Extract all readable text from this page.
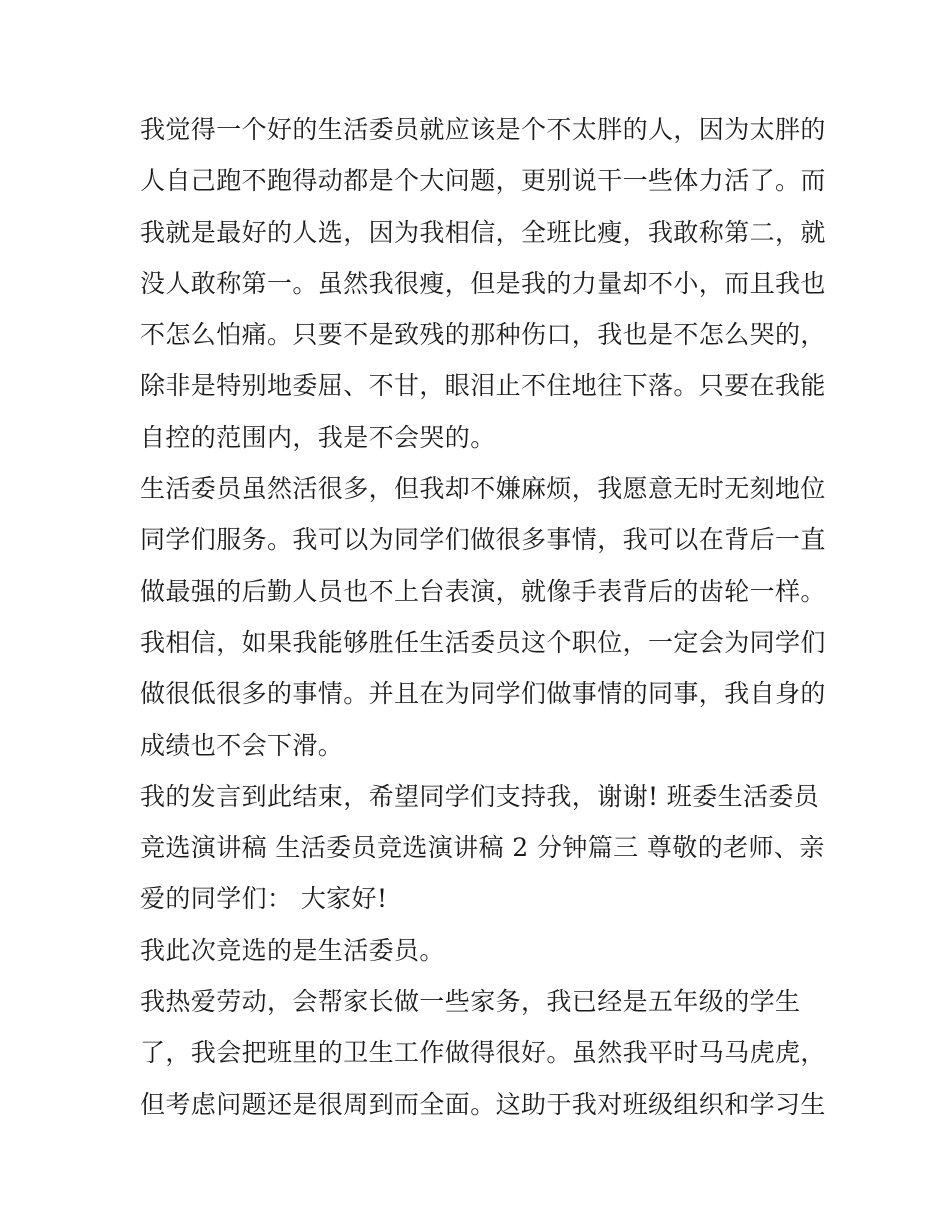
我觉得一个好的生活委员就应该是个不太胖的人，因为太胖的
人自己跑不跑得动都是个大问题，更别说干一些体力活了。而
我就是最好的人选，因为我相信，全班比瘦，我敢称第二，就
没人敢称第一。虽然我很瘦，但是我的力量却不小，而且我也
不怎么怕痛。只要不是致残的那种伤口，我也是不怎么哭的，
除非是特别地委屈、不甘，眼泪止不住地往下落。只要在我能
自控的范围内，我是不会哭的。

生活委员虽然活很多，但我却不嫌麻烦，我愿意无时无刻地位
同学们服务。我可以为同学们做很多事情，我可以在背后一直
做最强的后勤人员也不上台表演，就像手表背后的齿轮一样。
我相信，如果我能够胜任生活委员这个职位，一定会为同学们
做很低很多的事情。并且在为同学们做事情的同事，我自身的
成绩也不会下滑。

我的发言到此结束，希望同学们支持我，谢谢! 班委生活委员
竞选演讲稿 生活委员竞选演讲稿 2 分钟篇三 尊敬的老师、亲
爱的同学们： 大家好!

我此次竞选的是生活委员。

我热爱劳动，会帮家长做一些家务，我已经是五年级的学生
了，我会把班里的卫生工作做得很好。虽然我平时马马虎虎，
但考虑问题还是很周到而全面。这助于我对班级组织和学习生
